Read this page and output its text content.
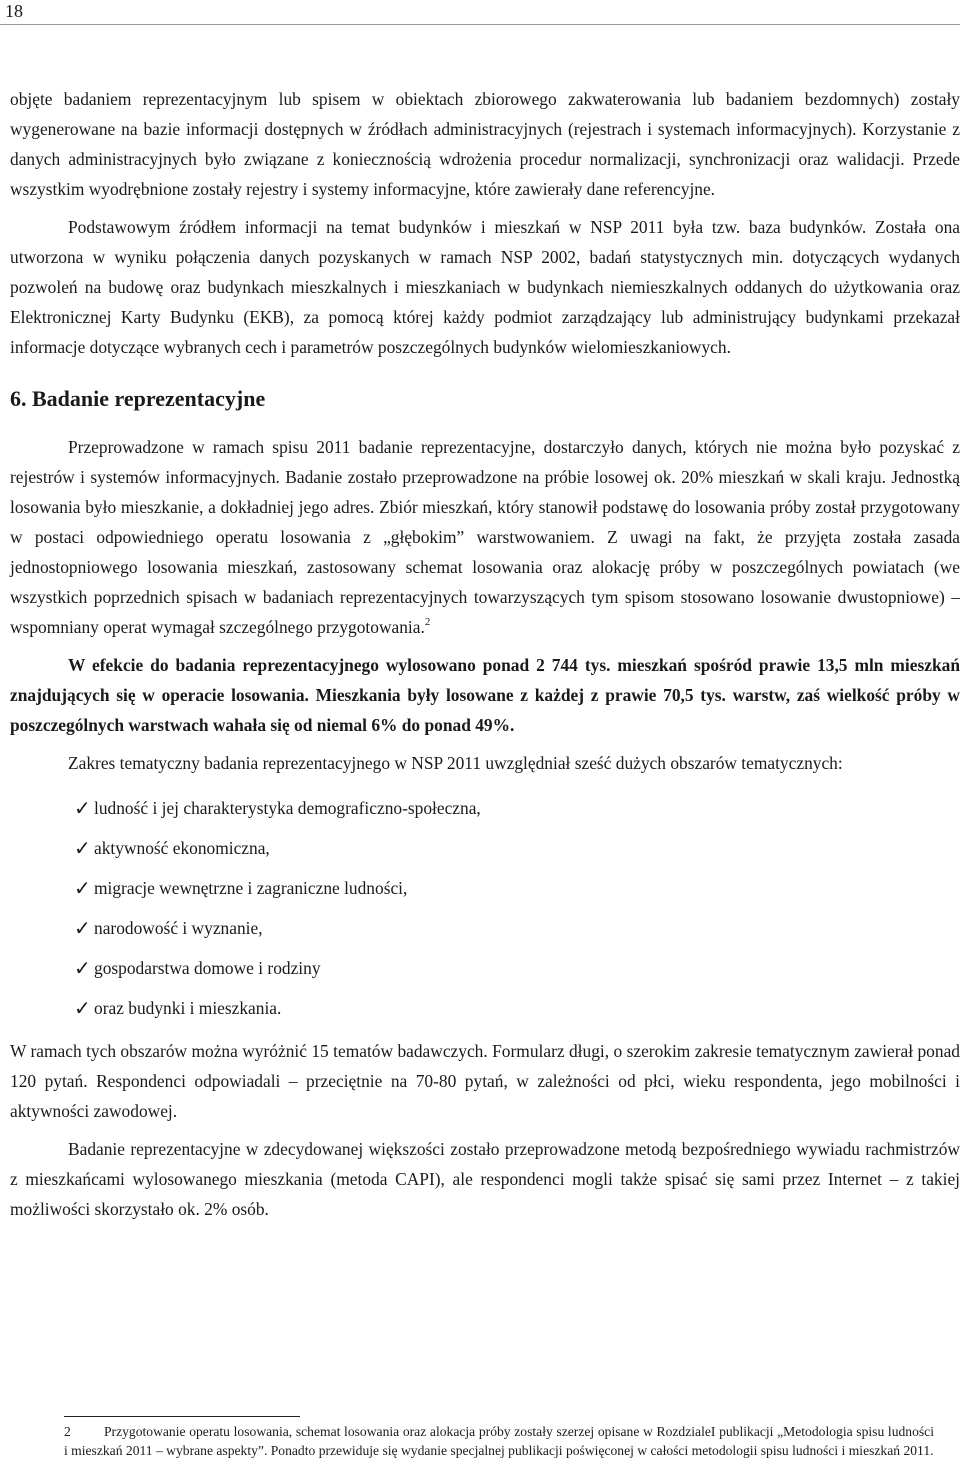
18

objęte badaniem reprezentacyjnym lub spisem w obiektach zbiorowego zakwaterowania lub badaniem bezdomnych) zostały wygenerowane na bazie informacji dostępnych w źródłach administracyjnych (rejestrach i systemach informacyjnych). Korzystanie z danych administracyjnych było związane z koniecznością wdrożenia procedur normalizacji, synchronizacji oraz walidacji. Przede wszystkim wyodrębnione zostały rejestry i systemy informacyjne, które zawierały dane referencyjne.

Podstawowym źródłem informacji na temat budynków i mieszkań w NSP 2011 była tzw. baza budynków. Została ona utworzona w wyniku połączenia danych pozyskanych w ramach NSP 2002, badań statystycznych min. dotyczących wydanych pozwoleń na budowę oraz budynkach mieszkalnych i mieszkaniach w budynkach niemieszkalnych oddanych do użytkowania oraz Elektronicznej Karty Budynku (EKB), za pomocą której każdy podmiot zarządzający lub administrujący budynkami przekazał informacje dotyczące wybranych cech i parametrów poszczególnych budynków wielomieszkaniowych.

6. Badanie reprezentacyjne

Przeprowadzone w ramach spisu 2011 badanie reprezentacyjne, dostarczyło danych, których nie można było pozyskać z rejestrów i systemów informacyjnych. Badanie zostało przeprowadzone na próbie losowej ok. 20% mieszkań w skali kraju. Jednostką losowania było mieszkanie, a dokładniej jego adres. Zbiór mieszkań, który stanowił podstawę do losowania próby został przygotowany w postaci odpowiedniego operatu losowania z „głębokim” warstwowaniem. Z uwagi na fakt, że przyjęta została zasada jednostopniowego losowania mieszkań, zastosowany schemat losowania oraz alokację próby w poszczególnych powiatach (we wszystkich poprzednich spisach w badaniach reprezentacyjnych towarzyszących tym spisom stosowano losowanie dwustopniowe) – wspomniany operat wymagał szczególnego przygotowania.$^2$

W efekcie do badania reprezentacyjnego wylosowano ponad 2 744 tys. mieszkań spośród prawie 13,5 mln mieszkań znajdujących się w operacie losowania. Mieszkania były losowane z każdej z prawie 70,5 tys. warstw, zaś wielkość próby w poszczególnych warstwach wahała się od niemal 6% do ponad 49%.

Zakres tematyczny badania reprezentacyjnego w NSP 2011 uwzględniał sześć dużych obszarów tematycznych:

✓ ludność i jej charakterystyka demograficzno-społeczna,
✓ aktywność ekonomiczna,
✓ migracje wewnętrzne i zagraniczne ludności,
✓ narodowość i wyznanie,
✓ gospodarstwa domowe i rodziny
✓ oraz budynki i mieszkania.

W ramach tych obszarów można wyróżnić 15 tematów badawczych. Formularz długi, o szerokim zakresie tematycznym zawierał ponad 120 pytań. Respondenci odpowiadali – przeciętnie na 70-80 pytań, w zależności od płci, wieku respondenta, jego mobilności i aktywności zawodowej.

Badanie reprezentacyjne w zdecydowanej większości zostało przeprowadzone metodą bezpośredniego wywiadu rachmistrzów z mieszkańcami wylosowanego mieszkania (metoda CAPI), ale respondenci mogli także spisać się sami przez Internet – z takiej możliwości skorzystało ok. 2% osób.

2 Przygotowanie operatu losowania, schemat losowania oraz alokacja próby zostały szerzej opisane w RozdzialeI publikacji „Metodologia spisu ludności i mieszkań 2011 – wybrane aspekty”. Ponadto przewiduje się wydanie specjalnej publikacji poświęconej w całości metodologii spisu ludności i mieszkań 2011.
